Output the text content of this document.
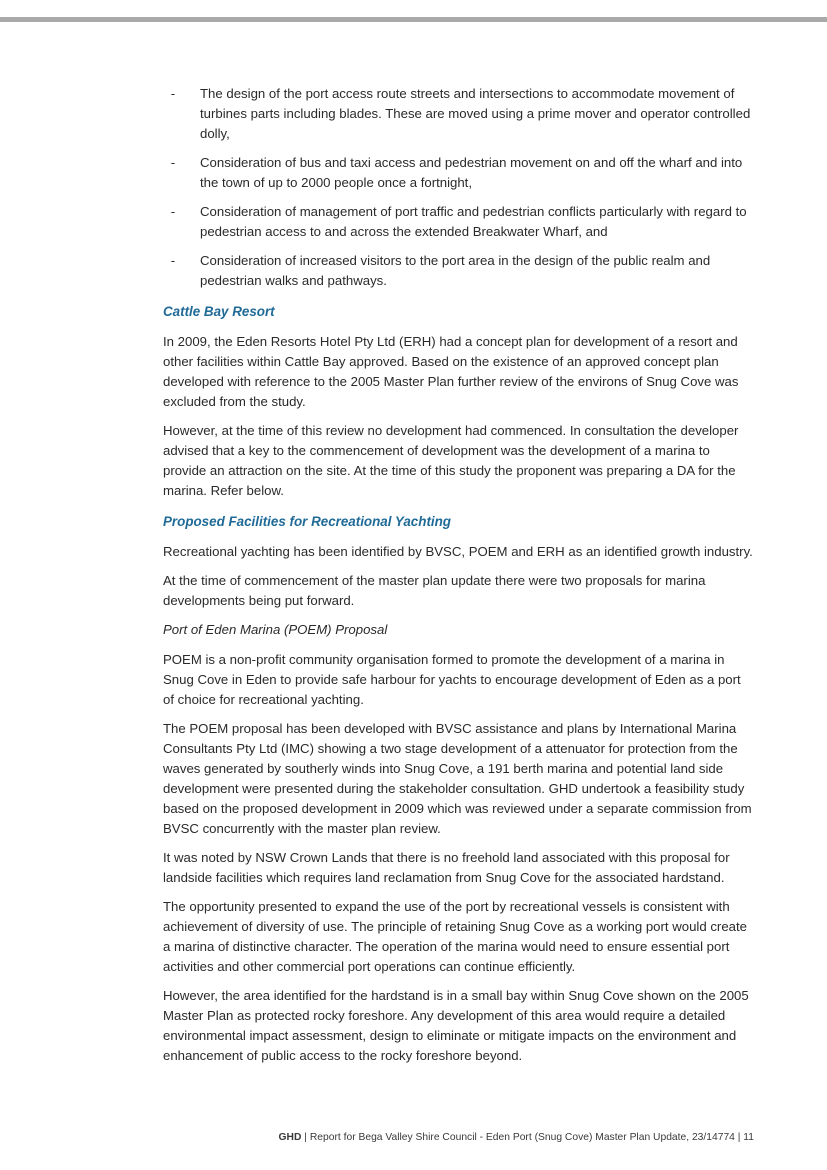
- The design of the port access route streets and intersections to accommodate movement of turbines parts including blades. These are moved using a prime mover and operator controlled dolly,
- Consideration of bus and taxi access and pedestrian movement on and off the wharf and into the town of up to 2000 people once a fortnight,
- Consideration of management of port traffic and pedestrian conflicts particularly with regard to pedestrian access to and across the extended Breakwater Wharf, and
- Consideration of increased visitors to the port area in the design of the public realm and pedestrian walks and pathways.
Cattle Bay Resort

In 2009, the Eden Resorts Hotel Pty Ltd (ERH) had a concept plan for development of a resort and other facilities within Cattle Bay approved. Based on the existence of an approved concept plan developed with reference to the 2005 Master Plan further review of the environs of Snug Cove was excluded from the study.

However, at the time of this review no development had commenced. In consultation the developer advised that a key to the commencement of development was the development of a marina to provide an attraction on the site. At the time of this study the proponent was preparing a DA for the marina. Refer below.

Proposed Facilities for Recreational Yachting

Recreational yachting has been identified by BVSC, POEM and ERH as an identified growth industry.

At the time of commencement of the master plan update there were two proposals for marina developments being put forward.

Port of Eden Marina (POEM) Proposal

POEM is a non-profit community organisation formed to promote the development of a marina in Snug Cove in Eden to provide safe harbour for yachts to encourage development of Eden as a port of choice for recreational yachting.

The POEM proposal has been developed with BVSC assistance and plans by International Marina Consultants Pty Ltd (IMC) showing a two stage development of a attenuator for protection from the waves generated by southerly winds into Snug Cove, a 191 berth marina and potential land side development were presented during the stakeholder consultation. GHD undertook a feasibility study based on the proposed development in 2009 which was reviewed under a separate commission from BVSC concurrently with the master plan review.

It was noted by NSW Crown Lands that there is no freehold land associated with this proposal for landside facilities which requires land reclamation from Snug Cove for the associated hardstand.

The opportunity presented to expand the use of the port by recreational vessels is consistent with achievement of diversity of use. The principle of retaining Snug Cove as a working port would create a marina of distinctive character. The operation of the marina would need to ensure essential port activities and other commercial port operations can continue efficiently.

However, the area identified for the hardstand is in a small bay within Snug Cove shown on the 2005 Master Plan as protected rocky foreshore. Any development of this area would require a detailed environmental impact assessment, design to eliminate or mitigate impacts on the environment and enhancement of public access to the rocky foreshore beyond.

GHD | Report for Bega Valley Shire Council - Eden Port (Snug Cove) Master Plan Update, 23/14774 | 11
